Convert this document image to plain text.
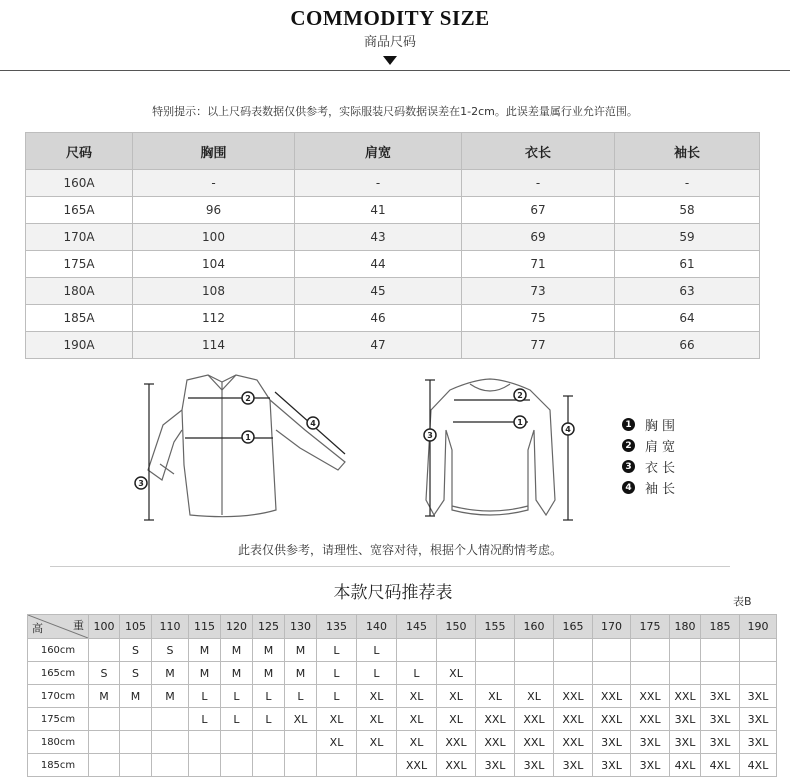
COMMODITY SIZE
商品尺码
特别提示：以上尺码表数据仅供参考，实际服装尺码数据误差在1-2cm。此误差量属行业允许范围。
尺码	胸围	肩宽	衣长	袖长
160A	-	-	-	-
165A	96	41	67	58
170A	100	43	69	59
175A	104	44	71	61
180A	108	45	73	63
185A	112	46	75	64
190A	114	47	77	66
2
1
4
3
2
1
3
4	1 胸围
2 肩宽
3 衣长
4 袖长
此表仅供参考，请理性、宽容对待，根据个人情况酌情考虑。
本款尺码推荐表	表B
高 重	100	105	110	115	120	125	130	135	140	145	150	155	160	165	170	175	180	185	190
160cm		S	S	M	M	M	M	L	L										
165cm	S	S	M	M	M	M	M	L	L	L	XL								
170cm	M	M	M	L	L	L	L	L	XL	XL	XL	XL	XL	XXL	XXL	XXL	XXL	3XL	3XL
175cm				L	L	L	XL	XL	XL	XL	XL	XXL	XXL	XXL	XXL	XXL	3XL	3XL	3XL
180cm								XL	XL	XL	XXL	XXL	XXL	XXL	3XL	3XL	3XL	3XL	3XL
185cm										XXL	XXL	3XL	3XL	3XL	3XL	3XL	4XL	4XL	4XL
